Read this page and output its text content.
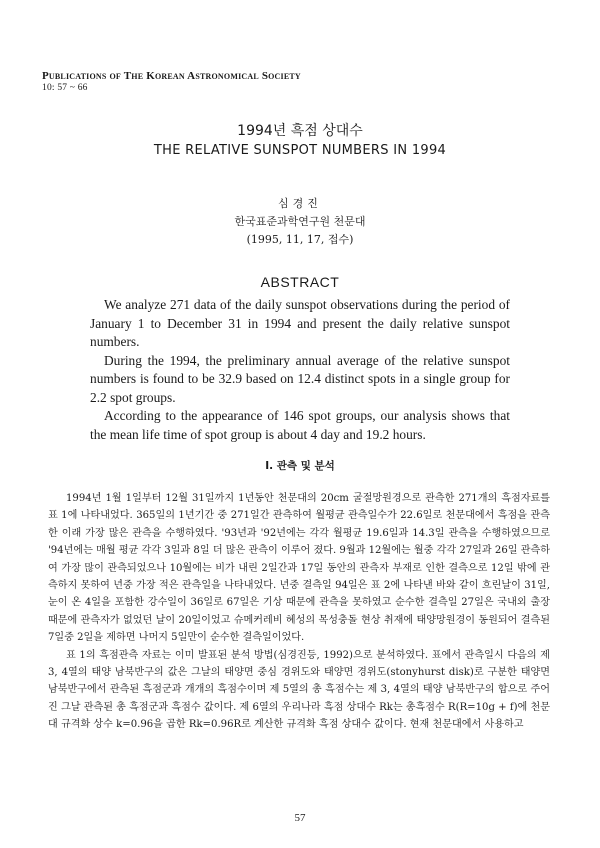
Publications of The Korean Astronomical Society
10: 57 ~ 66
1994년 흑점 상대수
THE RELATIVE SUNSPOT NUMBERS IN 1994
심경진
한국표준과학연구원 천문대
(1995, 11, 17, 접수)
ABSTRACT

We analyze 271 data of the daily sunspot observations during the period of January 1 to December 31 in 1994 and present the daily relative sunspot numbers.

During the 1994, the preliminary annual average of the relative sunspot numbers is found to be 32.9 based on 12.4 distinct spots in a single group for 2.2 spot groups.

According to the appearance of 146 spot groups, our analysis shows that the mean life time of spot group is about 4 day and 19.2 hours.

I. 관측 및 분석

1994년 1월 1일부터 12월 31일까지 1년동안 천문대의 20cm 굴절망원경으로 관측한 271개의 흑점자료를 표 1에 나타내었다. 365일의 1년기간 중 271일간 관측하여 월평균 관측일수가 22.6일로 천문대에서 흑점을 관측한 이래 가장 많은 관측을 수행하였다. '93년과 '92년에는 각각 월평균 19.6일과 14.3일 관측을 수행하였으므로 '94년에는 매월 평균 각각 3일과 8일 더 많은 관측이 이루어 졌다. 9월과 12월에는 월중 각각 27일과 26일 관측하여 가장 많이 관측되었으나 10월에는 비가 내린 2일간과 17일 동안의 관측자 부재로 인한 결측으로 12일 밖에 관측하지 못하여 년중 가장 적은 관측일을 나타내었다. 년중 결측일 94일은 표 2에 나타낸 바와 같이 흐린날이 31일, 눈이 온 4일을 포함한 강수일이 36일로 67일은 기상 때문에 관측을 못하였고 순수한 결측일 27일은 국내외 출장 때문에 관측자가 없었던 날이 20일이었고 슈메커레비 혜성의 목성충돌 현상 취재에 태양망원경이 동원되어 결측된 7일중 2일을 제하면 나머지 5일만이 순수한 결측일이었다.

표 1의 흑점관측 자료는 이미 발표된 분석 방법(심경진등, 1992)으로 분석하였다. 표에서 관측일시 다음의 제 3, 4열의 태양 남북반구의 값은 그날의 태양면 중심 경위도와 태양면 경위도(stonyhurst disk)로 구분한 태양면 남북반구에서 관측된 흑점군과 개개의 흑점수이며 제 5열의 총 흑점수는 제 3, 4열의 태양 남북반구의 합으로 주어진 그날 관측된 총 흑점군과 흑점수 값이다. 제 6열의 우리나라 흑점 상대수 Rk는 총흑점수 R(R=10g + f)에 천문대 규격화 상수 k=0.96을 곱한 Rk=0.96R로 계산한 규격화 흑점 상대수 값이다. 현재 천문대에서 사용하고

57
